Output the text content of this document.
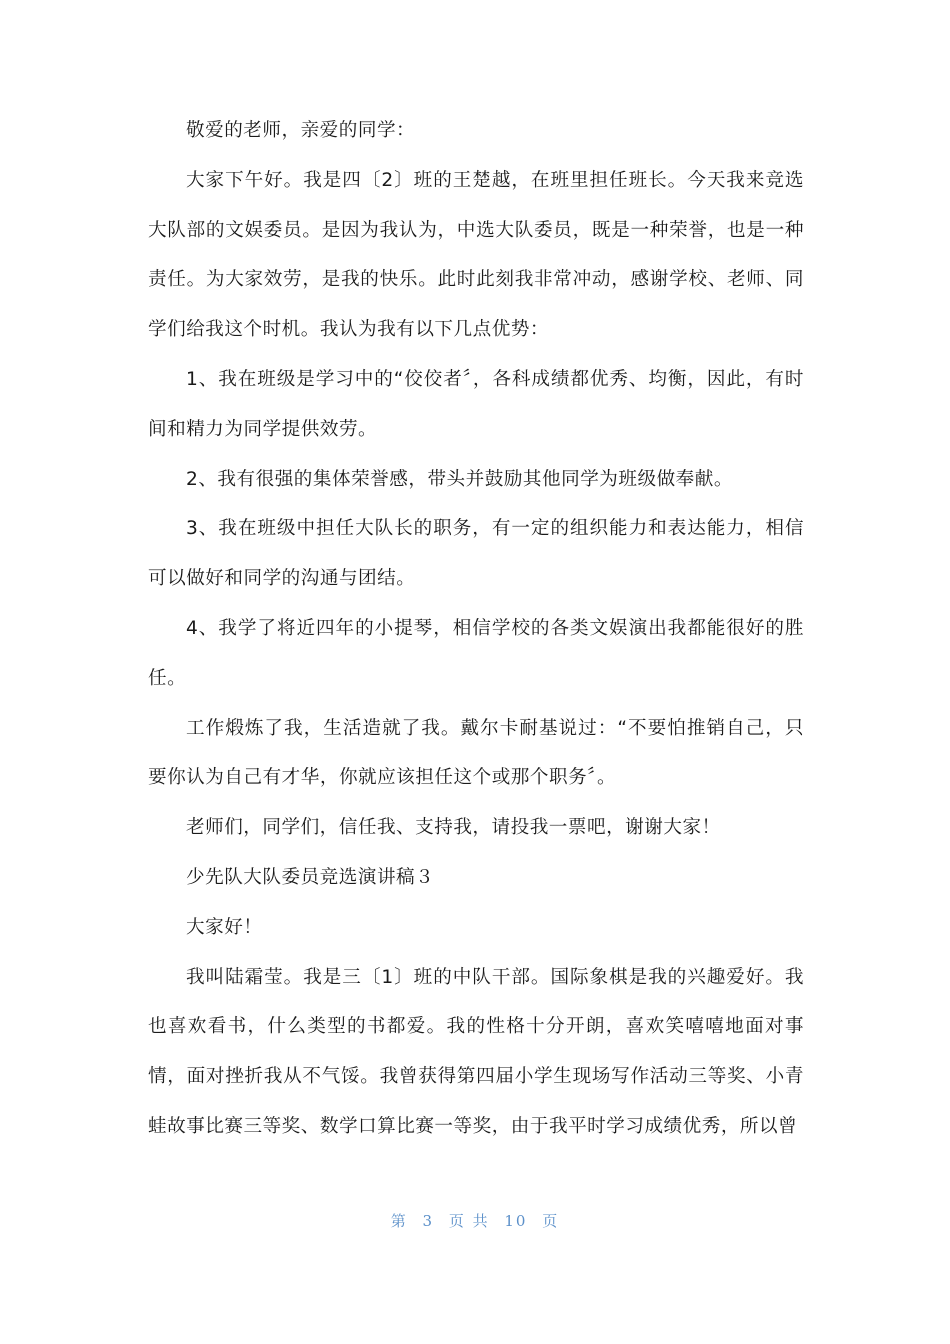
敬爱的老师，亲爱的同学：

大家下午好。我是四〔2〕班的王楚越，在班里担任班长。今天我来竞选大队部的文娱委员。是因为我认为，中选大队委员，既是一种荣誉，也是一种责任。为大家效劳，是我的快乐。此时此刻我非常冲动，感谢学校、老师、同学们给我这个时机。我认为我有以下几点优势：

1、我在班级是学习中的“佼佼者〞，各科成绩都优秀、均衡，因此，有时间和精力为同学提供效劳。

2、我有很强的集体荣誉感，带头并鼓励其他同学为班级做奉献。

3、我在班级中担任大队长的职务，有一定的组织能力和表达能力，相信可以做好和同学的沟通与团结。

4、我学了将近四年的小提琴，相信学校的各类文娱演出我都能很好的胜任。

工作煅炼了我，生活造就了我。戴尔卡耐基说过：“不要怕推销自己，只要你认为自己有才华，你就应该担任这个或那个职务〞。

老师们，同学们，信任我、支持我，请投我一票吧，谢谢大家！

少先队大队委员竞选演讲稿３

大家好！

我叫陆霜莹。我是三〔1〕班的中队干部。国际象棋是我的兴趣爱好。我也喜欢看书，什么类型的书都爱。我的性格十分开朗，喜欢笑嘻嘻地面对事情，面对挫折我从不气馁。我曾获得第四届小学生现场写作活动三等奖、小青蛙故事比赛三等奖、数学口算比赛一等奖，由于我平时学习成绩优秀，所以曾

第 3 页 共 10 页
